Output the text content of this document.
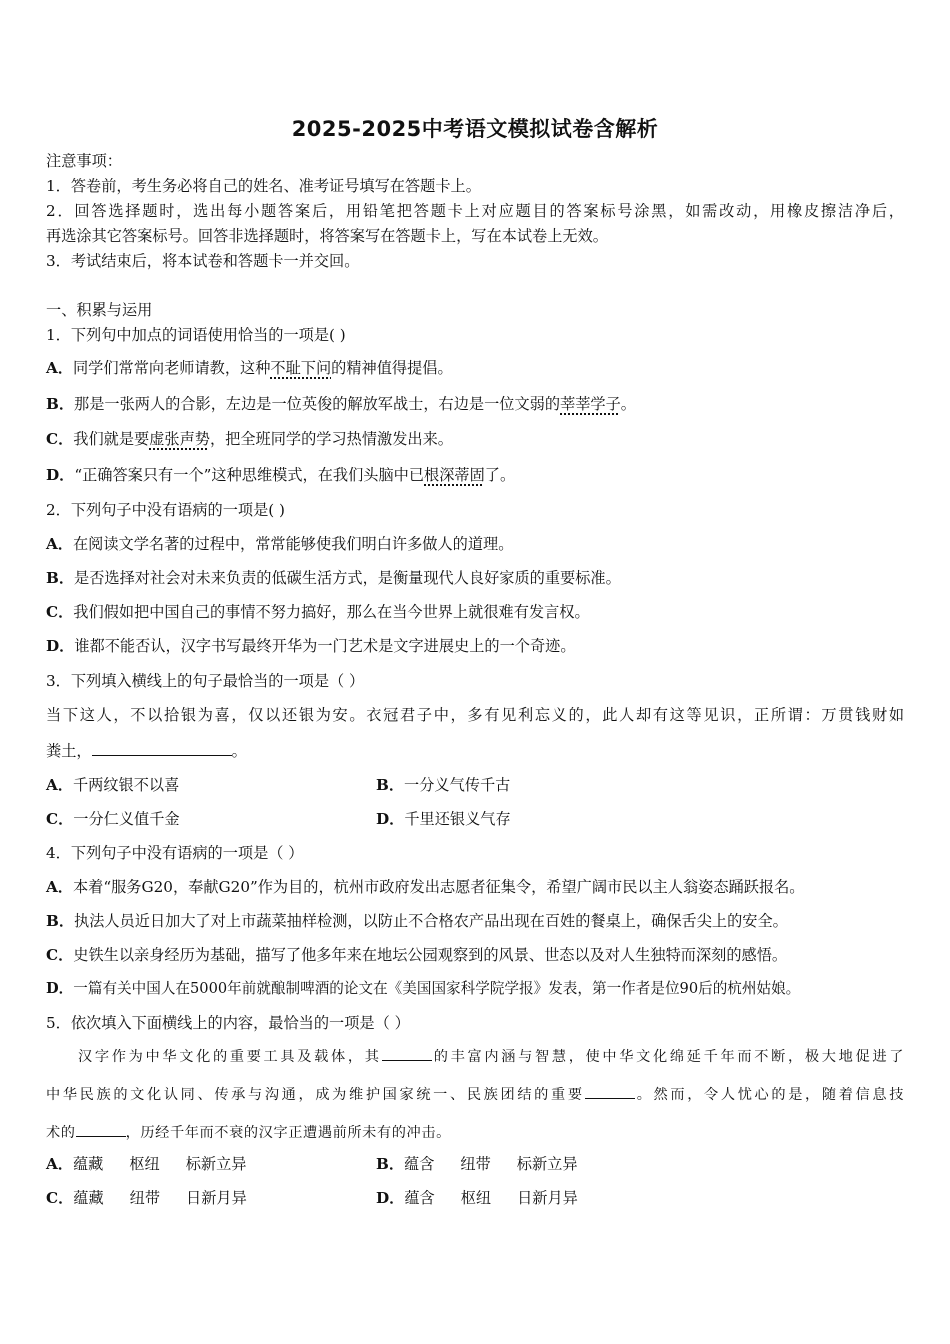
2025-2025中考语文模拟试卷含解析
注意事项：
1．答卷前，考生务必将自己的姓名、准考证号填写在答题卡上。
2．回答选择题时，选出每小题答案后，用铅笔把答题卡上对应题目的答案标号涂黑，如需改动，用橡皮擦洁净后，
再选涂其它答案标号。回答非选择题时，将答案写在答题卡上，写在本试卷上无效。
3．考试结束后，将本试卷和答题卡一并交回。
一、积累与运用
1．下列句中加点的词语使用恰当的一项是( )
A．同学们常常向老师请教，这种不耻下问的精神值得提倡。
B．那是一张两人的合影，左边是一位英俊的解放军战士，右边是一位文弱的莘莘学子。
C．我们就是要虚张声势，把全班同学的学习热情激发出来。
D．“正确答案只有一个”这种思维模式，在我们头脑中已根深蒂固了。
2．下列句子中没有语病的一项是( )
A．在阅读文学名著的过程中，常常能够使我们明白许多做人的道理。
B．是否选择对社会对未来负责的低碳生活方式，是衡量现代人良好家质的重要标准。
C．我们假如把中国自己的事情不努力搞好，那么在当今世界上就很难有发言权。
D．谁都不能否认，汉字书写最终开华为一门艺术是文字进展史上的一个奇迹。
3．下列填入横线上的句子最恰当的一项是（ ）
当下这人，不以拾银为喜，仅以还银为安。衣冠君子中，多有见利忘义的，此人却有这等见识，正所谓：万贯钱财如
粪土，	。
A．千两纹银不以喜	B．一分义气传千古
C．一分仁义值千金	D．千里还银义气存
4．下列句子中没有语病的一项是（ ）
A．本着“服务G20，奉献G20”作为目的，杭州市政府发出志愿者征集令，希望广阔市民以主人翁姿态踊跃报名。
B．执法人员近日加大了对上市蔬菜抽样检测，以防止不合格农产品出现在百姓的餐桌上，确保舌尖上的安全。
C．史铁生以亲身经历为基础，描写了他多年来在地坛公园观察到的风景、世态以及对人生独特而深刻的感悟。
D．一篇有关中国人在5000年前就酿制啤酒的论文在《美国国家科学院学报》发表，第一作者是位90后的杭州姑娘。
5．依次填入下面横线上的内容，最恰当的一项是（ ）
汉字作为中华文化的重要工具及载体，其	的丰富内涵与智慧，使中华文化绵延千年而不断，极大地促进了
中华民族的文化认同、传承与沟通，成为维护国家统一、民族团结的重要	。然而，令人忧心的是，随着信息技
术的	，历经千年而不衰的汉字正遭遇前所未有的冲击。
A．蕴藏 枢纽 标新立异	B．蕴含 纽带 标新立异
C．蕴藏 纽带 日新月异	D．蕴含 枢纽 日新月异
